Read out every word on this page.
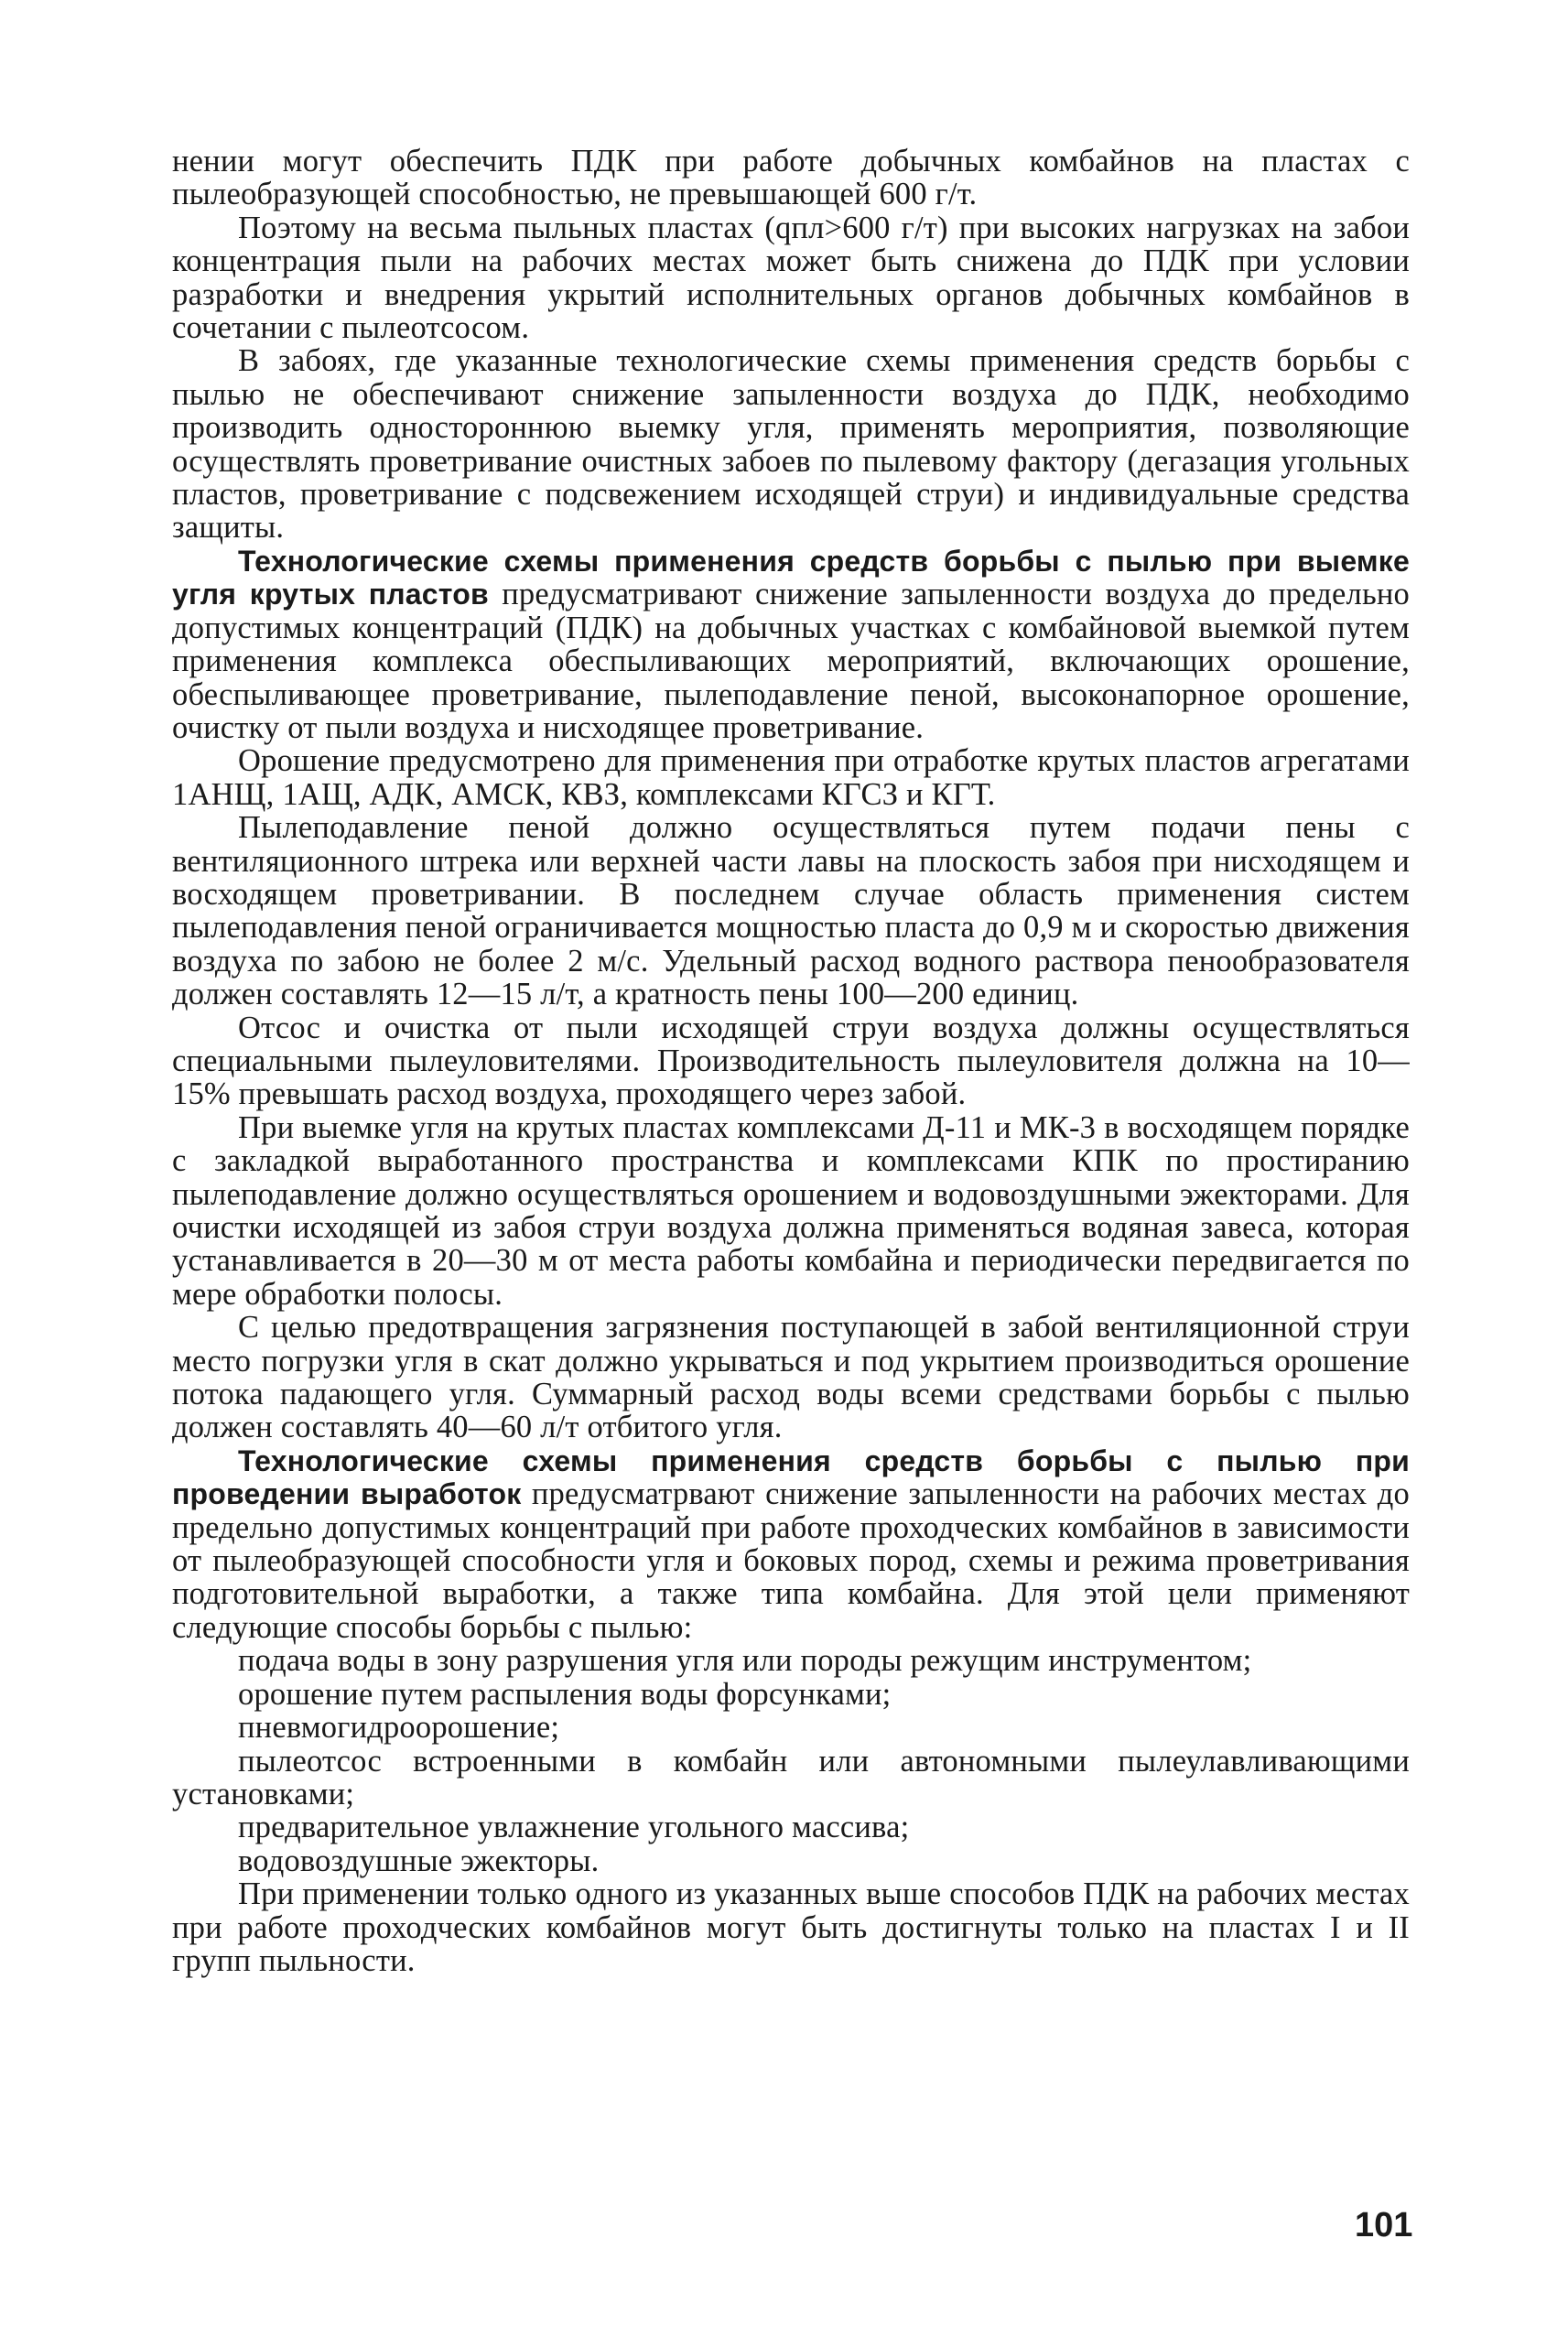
нении могут обеспечить ПДК при работе добычных комбайнов на пластах с пылеобразующей способностью, не превышающей 600 г/т.

Поэтому на весьма пыльных пластах (qпл>600 г/т) при высоких нагрузках на забои концентрация пыли на рабочих местах может быть снижена до ПДК при условии разработки и внедрения укрытий исполнительных органов добычных комбайнов в сочетании с пылеотсосом.

В забоях, где указанные технологические схемы применения средств борьбы с пылью не обеспечивают снижение запыленности воздуха до ПДК, необходимо производить одностороннюю выемку угля, применять мероприятия, позволяющие осуществлять проветривание очистных забоев по пылевому фактору (дегазация угольных пластов, проветривание с подсвежением исходящей струи) и индивидуальные средства защиты.

Технологические схемы применения средств борьбы с пылью при выемке угля крутых пластов предусматривают снижение запыленности воздуха до предельно допустимых концентраций (ПДК) на добычных участках с комбайновой выемкой путем применения комплекса обеспыливающих мероприятий, включающих орошение, обеспыливающее проветривание, пылеподавление пеной, высоконапорное орошение, очистку от пыли воздуха и нисходящее проветривание.

Орошение предусмотрено для применения при отработке крутых пластов агрегатами 1АНЩ, 1АЩ, АДК, АМСК, КВЗ, комплексами КГСЗ и КГТ.

Пылеподавление пеной должно осуществляться путем подачи пены с вентиляционного штрека или верхней части лавы на плоскость забоя при нисходящем и восходящем проветривании. В последнем случае область применения систем пылеподавления пеной ограничивается мощностью пласта до 0,9 м и скоростью движения воздуха по забою не более 2 м/с. Удельный расход водного раствора пенообразователя должен составлять 12—15 л/т, а кратность пены 100—200 единиц.

Отсос и очистка от пыли исходящей струи воздуха должны осуществляться специальными пылеуловителями. Производительность пылеуловителя должна на 10—15% превышать расход воздуха, проходящего через забой.

При выемке угля на крутых пластах комплексами Д-11 и МК-3 в восходящем порядке с закладкой выработанного пространства и комплексами КПК по простиранию пылеподавление должно осуществляться орошением и водовоздушными эжекторами. Для очистки исходящей из забоя струи воздуха должна применяться водяная завеса, которая устанавливается в 20—30 м от места работы комбайна и периодически передвигается по мере обработки полосы.

С целью предотвращения загрязнения поступающей в забой вентиляционной струи место погрузки угля в скат должно укрываться и под укрытием производиться орошение потока падающего угля. Суммарный расход воды всеми средствами борьбы с пылью должен составлять 40—60 л/т отбитого угля.

Технологические схемы применения средств борьбы с пылью при проведении выработок предусматрвают снижение запыленности на рабочих местах до предельно допустимых концентраций при работе проходческих комбайнов в зависимости от пылеобразующей способности угля и боковых пород, схемы и режима проветривания подготовительной выработки, а также типа комбайна. Для этой цели применяют следующие способы борьбы с пылью:

подача воды в зону разрушения угля или породы режущим инструментом;

орошение путем распыления воды форсунками;

пневмогидроорошение;

пылеотсос встроенными в комбайн или автономными пылеулавливающими установками;

предварительное увлажнение угольного массива;

водовоздушные эжекторы.

При применении только одного из указанных выше способов ПДК на рабочих местах при работе проходческих комбайнов могут быть достигнуты только на пластах I и II групп пыльности.

101
